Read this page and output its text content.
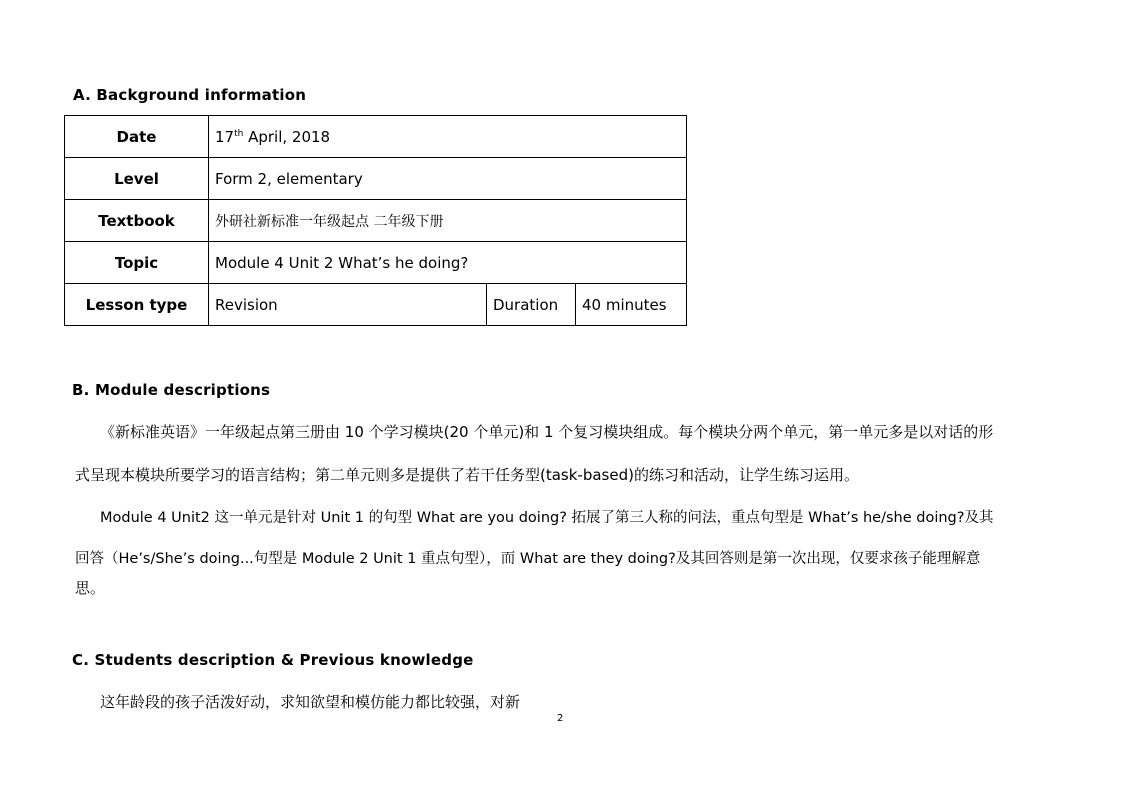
A. Background information
Date	17th April, 2018		
Level	Form 2, elementary		
Textbook	外研社新标准一年级起点 二年级下册		
Topic	Module 4 Unit 2 What’s he doing?		
Lesson type	Revision	Duration	40 minutes
B. Module descriptions
《新标准英语》一年级起点第三册由 10 个学习模块(20 个单元)和 1 个复习模块组成。每个模块分两个单元，第一单元多是以对话的形
式呈现本模块所要学习的语言结构；第二单元则多是提供了若干任务型(task-based)的练习和活动，让学生练习运用。
Module 4 Unit2 这一单元是针对 Unit 1 的句型 What are you doing? 拓展了第三人称的问法，重点句型是 What’s he/she doing?及其
回答（He’s/She’s doing...句型是 Module 2 Unit 1 重点句型），而 What are they doing?及其回答则是第一次出现，仅要求孩子能理解意
思。
C. Students description & Previous knowledge
这年龄段的孩子活泼好动，求知欲望和模仿能力都比较强，对新
2
